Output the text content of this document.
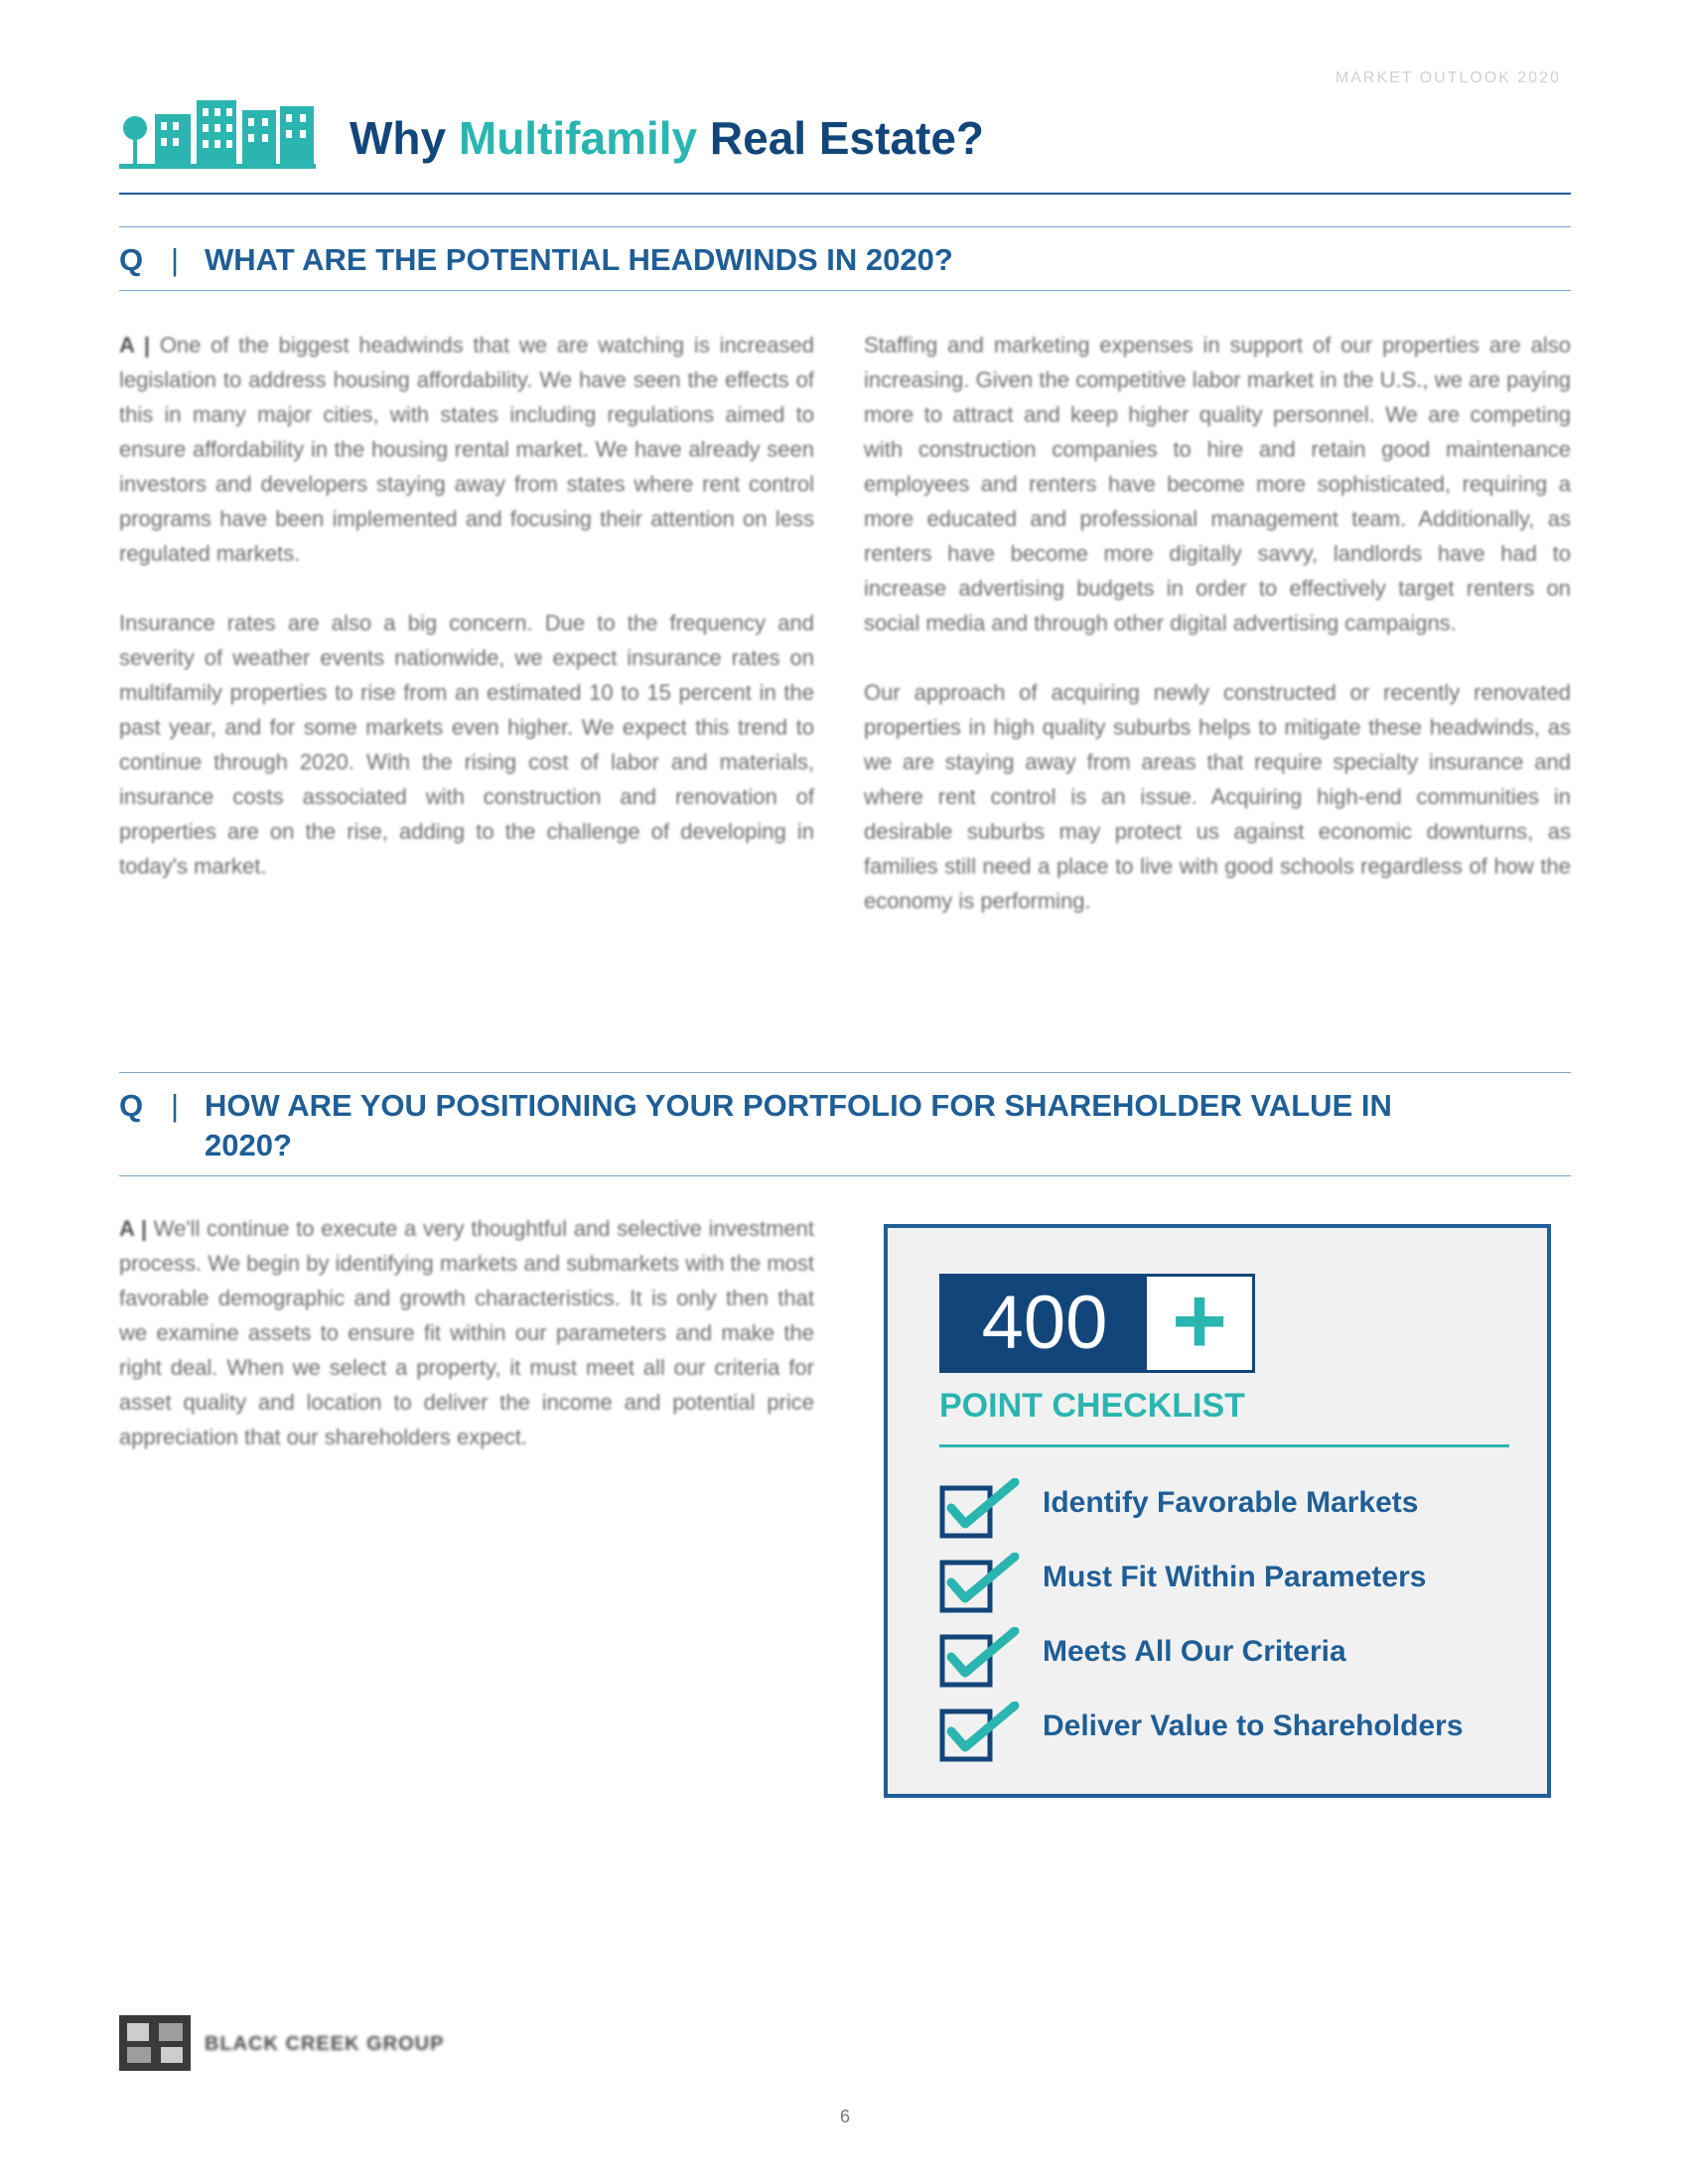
MARKET OUTLOOK 2020
Why Multifamily Real Estate?
Q | WHAT ARE THE POTENTIAL HEADWINDS IN 2020?

A | One of the biggest headwinds that we are watching is increased legislation to address housing affordability. We have seen the effects of this in many major cities, with states including regulations aimed to ensure affordability in the housing rental market. We have already seen investors and developers staying away from states where rent control programs have been implemented and focusing their attention on less regulated markets.

Insurance rates are also a big concern. Due to the frequency and severity of weather events nationwide, we expect insurance rates on multifamily properties to rise from an estimated 10 to 15 percent in the past year, and for some markets even higher. We expect this trend to continue through 2020. With the rising cost of labor and materials, insurance costs associated with construction and renovation of properties are on the rise, adding to the challenge of developing in today's market.

Staffing and marketing expenses in support of our properties are also increasing. Given the competitive labor market in the U.S., we are paying more to attract and keep higher quality personnel. We are competing with construction companies to hire and retain good maintenance employees and renters have become more sophisticated, requiring a more educated and professional management team. Additionally, as renters have become more digitally savvy, landlords have had to increase advertising budgets in order to effectively target renters on social media and through other digital advertising campaigns.

Our approach of acquiring newly constructed or recently renovated properties in high quality suburbs helps to mitigate these headwinds, as we are staying away from areas that require specialty insurance and where rent control is an issue. Acquiring high-end communities in desirable suburbs may protect us against economic downturns, as families still need a place to live with good schools regardless of how the economy is performing.

Q | HOW ARE YOU POSITIONING YOUR PORTFOLIO FOR SHAREHOLDER VALUE IN 2020?

A | We'll continue to execute a very thoughtful and selective investment process. We begin by identifying markets and submarkets with the most favorable demographic and growth characteristics. It is only then that we examine assets to ensure fit within our parameters and make the right deal. When we select a property, it must meet all our criteria for asset quality and location to deliver the income and potential price appreciation that our shareholders expect.

400 +
POINT CHECKLIST
Identify Favorable Markets
Must Fit Within Parameters
Meets All Our Criteria
Deliver Value to Shareholders
BLACK CREEK GROUP
6
